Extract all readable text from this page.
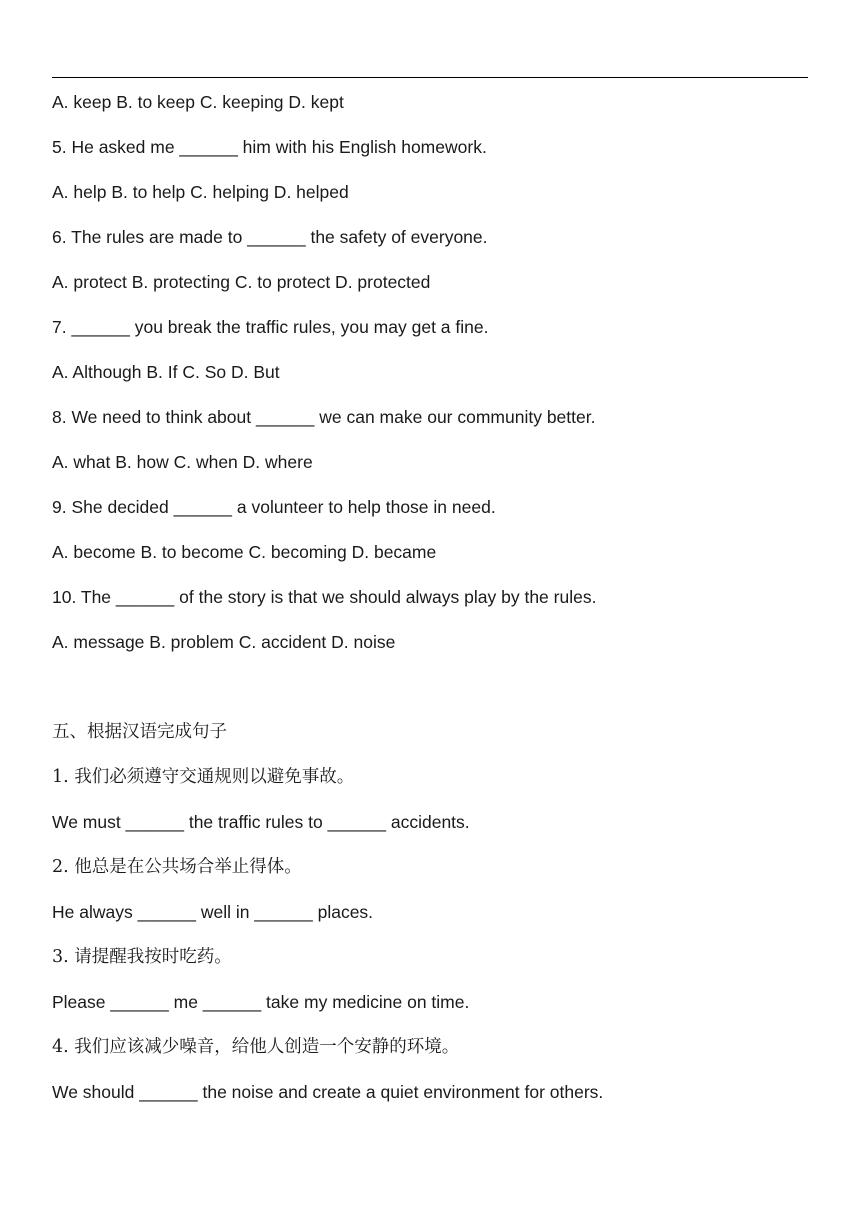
A. keep B. to keep C. keeping D. kept
5. He asked me ______ him with his English homework.
A. help B. to help C. helping D. helped
6. The rules are made to ______ the safety of everyone.
A. protect B. protecting C. to protect D. protected
7. ______ you break the traffic rules, you may get a fine.
A. Although B. If C. So D. But
8. We need to think about ______ we can make our community better.
A. what B. how C. when D. where
9. She decided ______ a volunteer to help those in need.
A. become B. to become C. becoming D. became
10. The ______ of the story is that we should always play by the rules.
A. message B. problem C. accident D. noise
五、根据汉语完成句子
1. 我们必须遵守交通规则以避免事故。
We must ______ the traffic rules to ______ accidents.
2. 他总是在公共场合举止得体。
He always ______ well in ______ places.
3. 请提醒我按时吃药。
Please ______ me ______ take my medicine on time.
4. 我们应该减少噪音，给他人创造一个安静的环境。
We should ______ the noise and create a quiet environment for others.
